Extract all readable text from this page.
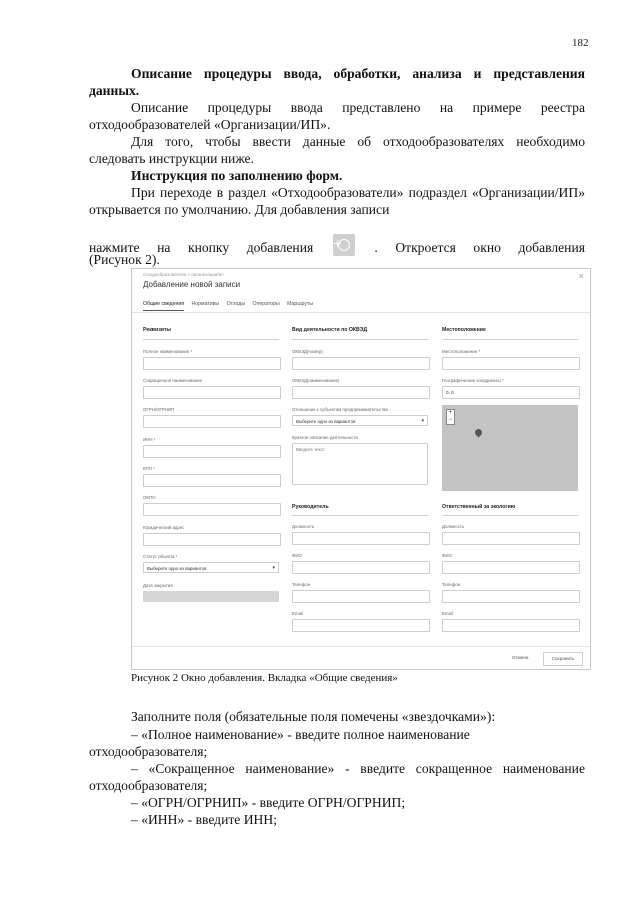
182
Описание процедуры ввода, обработки, анализа и представления данных.
Описание процедуры ввода представлено на примере реестра отходообразователей «Организации/ИП».
Для того, чтобы ввести данные об отходообразователях необходимо следовать инструкции ниже.
Инструкция по заполнению форм.
При переходе в раздел «Отходообразователи» подраздел «Организации/ИП» открывается по умолчанию. Для добавления записи
нажмите на кнопку добавления +	. Откроется окно добавления
(Рисунок 2).
отходообразователи > организации/ип
Добавление новой записи
×
Общие сведения Нормативы Отходы Операторы Маршруты
Реквизиты
Полное наименование *
Сокращенное наименование
ОГРН/ОГРНИП
ИНН *
КПП *
ОКПО
Юридический адрес
Статус объекта *
Выберите одно из вариантов	▾
Дата закрытия
Вид деятельности по ОКВЭД
ОКВЭД(номер)
ОКВЭД(наименование)
Отношение к субъектам предпринимательства
Выберите одно из вариантов	▾
Краткое описание деятельности
Введите текст
Руководитель
Должность
ФИО
Телефон
Email
Местоположение
Местоположение *
Географические координаты *
0, 0
+
−
Ответственный за экологию
Должность
ФИО
Телефон
Email
Отмена	Сохранить
Рисунок 2 Окно добавления. Вкладка «Общие сведения»
Заполните поля (обязательные поля помечены «звездочками»):
– «Полное наименование» - введите полное наименование отходообразователя;
– «Сокращенное наименование» - введите сокращенное наименование отходообразователя;
– «ОГРН/ОГРНИП» - введите ОГРН/ОГРНИП;
– «ИНН» - введите ИНН;
